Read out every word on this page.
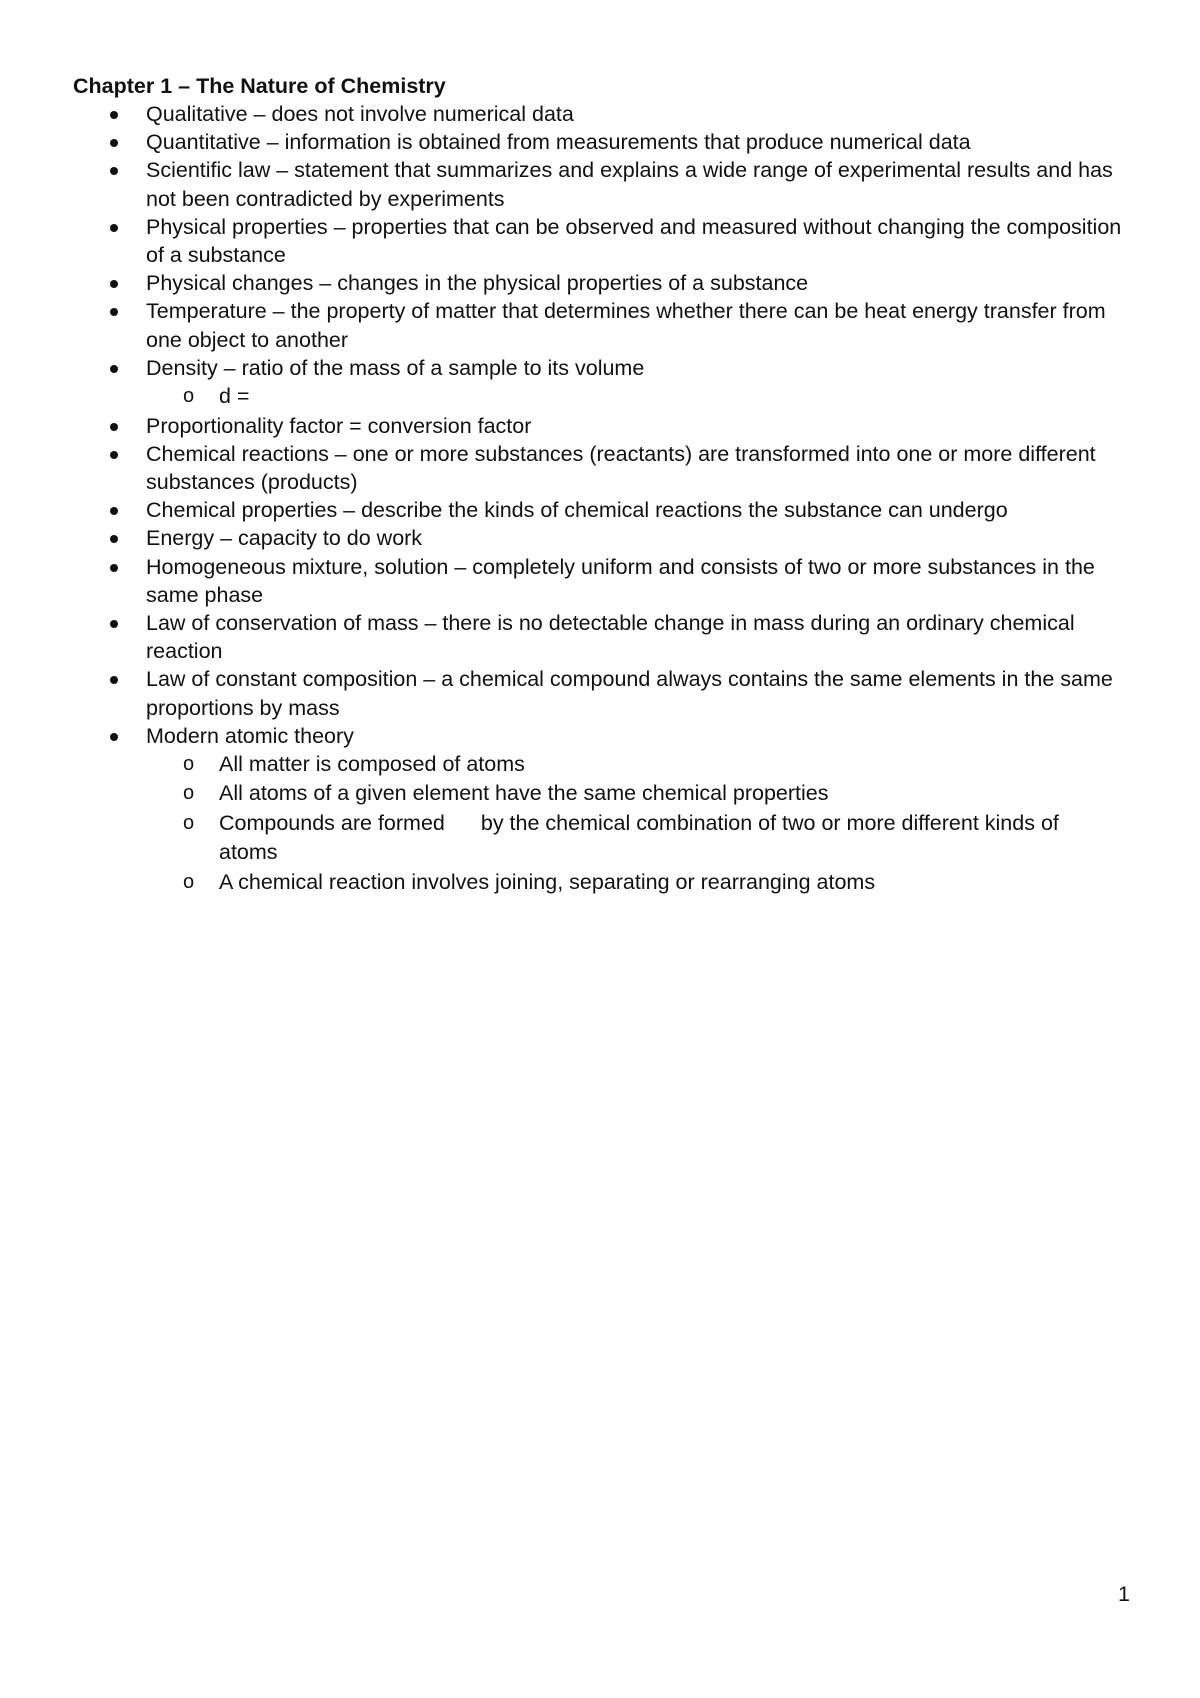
Chapter 1 – The Nature of Chemistry
Qualitative – does not involve numerical data
Quantitative – information is obtained from measurements that produce numerical data
Scientific law – statement that summarizes and explains a wide range of experimental results and has not been contradicted by experiments
Physical properties – properties that can be observed and measured without changing the composition of a substance
Physical changes – changes in the physical properties of a substance
Temperature – the property of matter that determines whether there can be heat energy transfer from one object to another
Density – ratio of the mass of a sample to its volume
o d =
Proportionality factor = conversion factor
Chemical reactions – one or more substances (reactants) are transformed into one or more different substances (products)
Chemical properties – describe the kinds of chemical reactions the substance can undergo
Energy – capacity to do work
Homogeneous mixture, solution – completely uniform and consists of two or more substances in the same phase
Law of conservation of mass – there is no detectable change in mass during an ordinary chemical reaction
Law of constant composition – a chemical compound always contains the same elements in the same proportions by mass
Modern atomic theory
o All matter is composed of atoms
o All atoms of a given element have the same chemical properties
o Compounds are formed by the chemical combination of two or more different kinds of atoms
o A chemical reaction involves joining, separating or rearranging atoms
1
